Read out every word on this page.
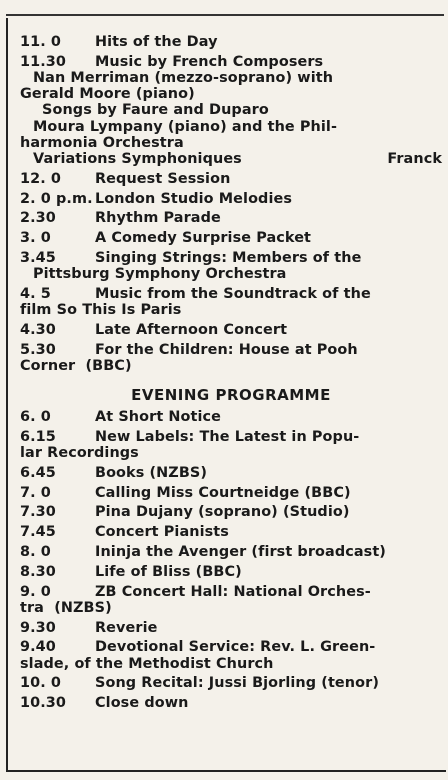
11. 0	Hits of the Day
11.30	Music by French Composers
Nan Merriman (mezzo-soprano) with
Gerald Moore (piano)
Songs by Faure and Duparo
Moura Lympany (piano) and the Phil-
harmonia Orchestra
Variations Symphoniques	Franck
12. 0	Request Session
2. 0 p.m. London Studio Melodies
2.30	Rhythm Parade
3. 0	A Comedy Surprise Packet
3.45	Singing Strings: Members of the
Pittsburg Symphony Orchestra
4. 5	Music from the Soundtrack of the
film So This Is Paris
4.30	Late Afternoon Concert
5.30	For the Children: House at Pooh
Corner  (BBC)
EVENING PROGRAMME
6. 0	At Short Notice
6.15	New Labels: The Latest in Popu-
lar Recordings
6.45	Books (NZBS)
7. 0	Calling Miss Courtneidge (BBC)
7.30	Pina Dujany (soprano) (Studio)
7.45	Concert Pianists
8. 0	Ininja the Avenger (first broadcast)
8.30	Life of Bliss (BBC)
9. 0	ZB Concert Hall: National Orches-
tra  (NZBS)
9.30	Reverie
9.40	Devotional Service: Rev. L. Green-
slade, of the Methodist Church
10. 0	Song Recital: Jussi Bjorling (tenor)
10.30	Close down
